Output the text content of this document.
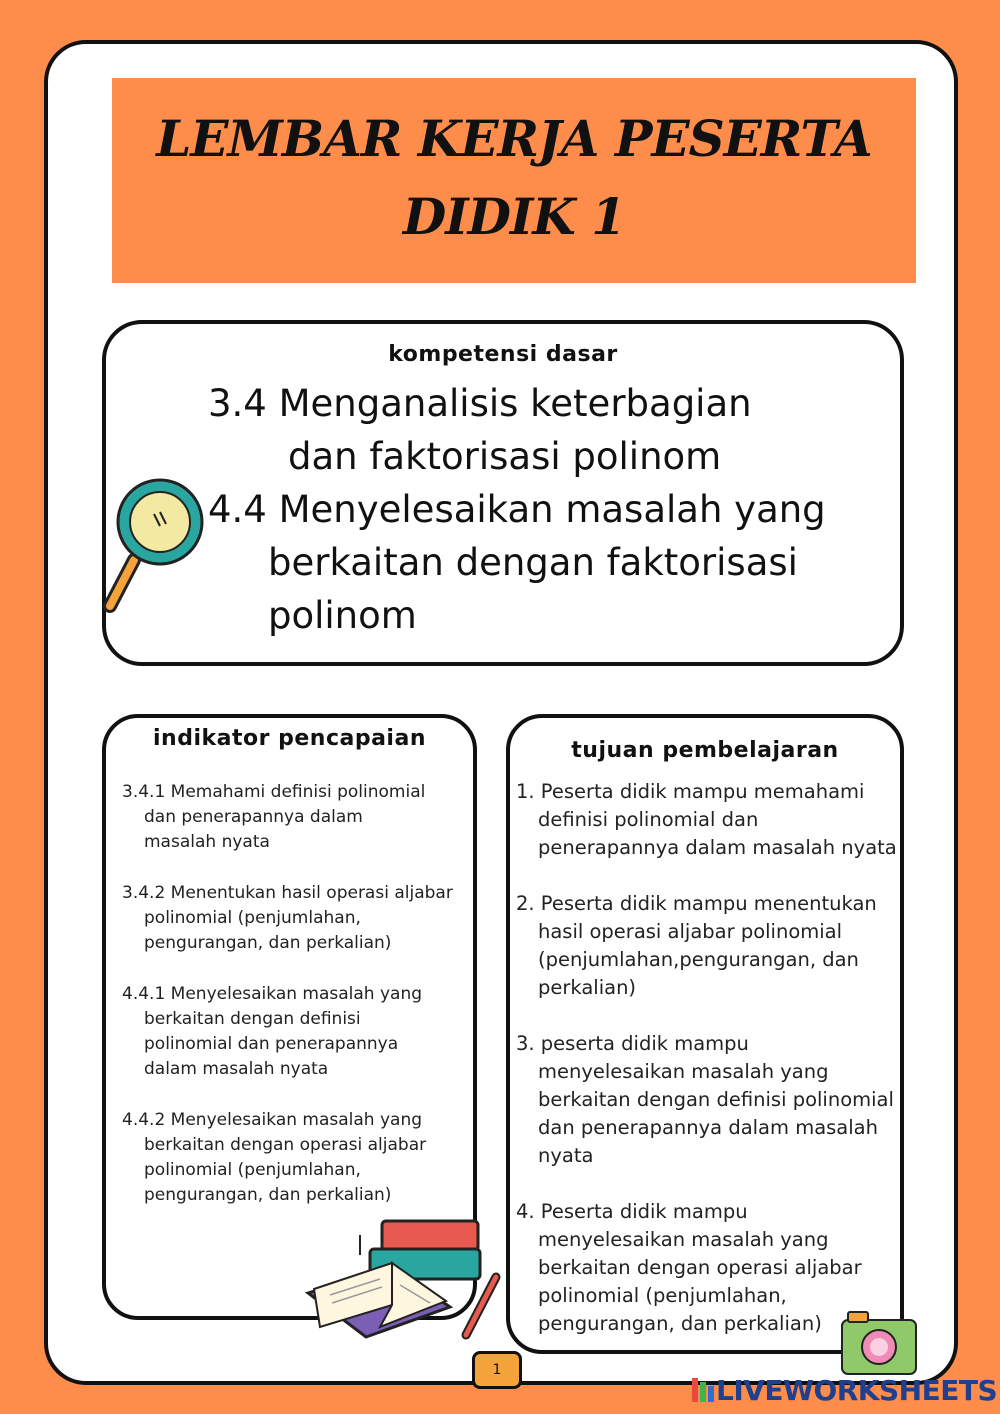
LEMBAR KERJA PESERTA
DIDIK 1
kompetensi dasar
3.4 Menganalisis keterbagian
dan faktorisasi polinom
4.4 Menyelesaikan masalah yang
berkaitan dengan faktorisasi
polinom
indikator pencapaian
3.4.1 Memahami definisi polinomial
dan penerapannya dalam
masalah nyata
3.4.2 Menentukan hasil operasi aljabar
polinomial (penjumlahan,
pengurangan, dan perkalian)
4.4.1 Menyelesaikan masalah yang
berkaitan dengan definisi
polinomial dan penerapannya
dalam masalah nyata
4.4.2 Menyelesaikan masalah yang
berkaitan dengan operasi aljabar
polinomial (penjumlahan,
pengurangan, dan perkalian)
tujuan pembelajaran
1. Peserta didik mampu memahami
definisi polinomial dan
penerapannya dalam masalah nyata
2. Peserta didik mampu menentukan
hasil operasi aljabar polinomial
(penjumlahan,pengurangan, dan
perkalian)
3. peserta didik mampu
menyelesaikan masalah yang
berkaitan dengan definisi polinomial
dan penerapannya dalam masalah
nyata
4. Peserta didik mampu
menyelesaikan masalah yang
berkaitan dengan operasi aljabar
polinomial (penjumlahan,
pengurangan, dan perkalian)
1
LIVEWORKSHEETS
